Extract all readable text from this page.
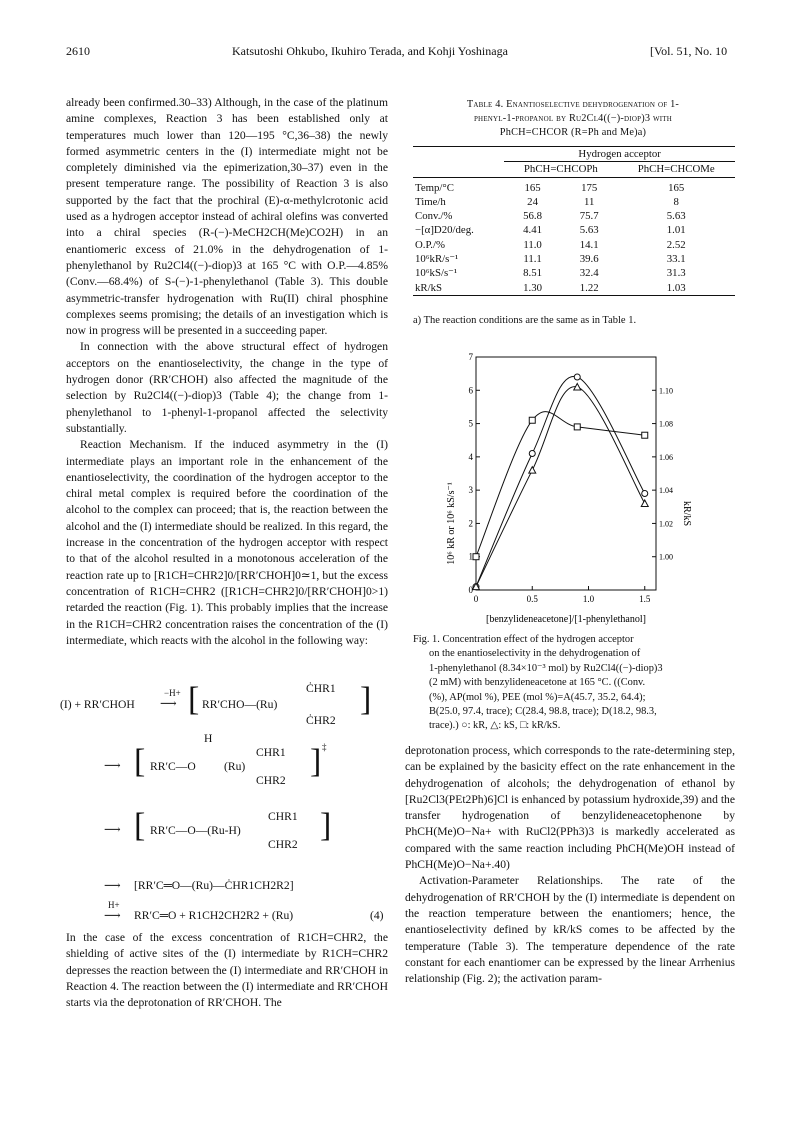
2610	Katsutoshi Ohkubo, Ikuhiro Terada, and Kohji Yoshinaga	[Vol. 51, No. 10

already been confirmed.30–33) Although, in the case of the platinum amine complexes, Reaction 3 has been established only at temperatures much lower than 120—195 °C,36–38) the newly formed asymmetric centers in the (I) intermediate might not be completely diminished via the epimerization,30–37) even in the present temperature range. The possibility of Reaction 3 is also supported by the fact that the prochiral (E)-α-methylcrotonic acid used as a hydrogen acceptor instead of achiral olefins was converted into a chiral species (R-(−)-MeCH2CH(Me)CO2H) in an enantiomeric excess of 21.0% in the dehydrogenation of 1-phenylethanol by Ru2Cl4((−)-diop)3 at 165 °C with O.P.—4.85%(Conv.—68.4%) of S-(−)-1-phenylethanol (Table 3). This double asymmetric-transfer hydrogenation with Ru(II) chiral phosphine complexes seems promising; the details of an investigation which is now in progress will be presented in a succeeding paper.

In connection with the above structural effect of hydrogen acceptors on the enantioselectivity, the change in the type of hydrogen donor (RR′CHOH) also affected the magnitude of the selection by Ru2Cl4((−)-diop)3 (Table 4); the change from 1-phenylethanol to 1-phenyl-1-propanol affected the selectivity substantially.

Reaction Mechanism. If the induced asymmetry in the (I) intermediate plays an important role in the enhancement of the enantioselectivity, the coordination of the hydrogen acceptor to the chiral metal complex is required before the coordination of the alcohol to the complex can proceed; that is, the reaction between the alcohol and the (I) intermediate should be realized. In this regard, the increase in the concentration of the hydrogen acceptor with respect to that of the alcohol resulted in a monotonous acceleration of the reaction rate up to [R1CH=CHR2]0/[RR′CHOH]0≃1, but the excess concentration of R1CH=CHR2 ([R1CH=CHR2]0/[RR′CHOH]0>1) retarded the reaction (Fig. 1). This probably implies that the increase in the R1CH=CHR2 concentration raises the concentration of the (I) intermediate, which reacts with the alcohol in the following way:

(I) + RR′CHOH
−H+
⟶ [ RR′CHO—(Ru)
ĊHR1
ĊHR2
]
⟶ [
H
RR′C—O (Ru)
CHR1
CHR2
] ‡
⟶ [ RR′C—O—(Ru-H)
CHR1
CHR2
]
⟶ [RR′C═O—(Ru)—ĊHR1CH2R2]
H+
⟶ RR′C═O + R1CH2CH2R2 + (Ru)	(4)

In the case of the excess concentration of R1CH=CHR2, the shielding of active sites of the (I) intermediate by R1CH=CHR2 depresses the reaction between the (I) intermediate and RR′CHOH in Reaction 4. The reaction between the (I) intermediate and RR′CHOH starts via the deprotonation of RR′CHOH. The

Table 4. Enantioselective dehydrogenation of 1-
phenyl-1-propanol by Ru2Cl4((−)-diop)3 with
PhCH=CHCOR (R=Ph and Me)a)
	Hydrogen acceptor		
	PhCH=CHCOPh		PhCH=CHCOMe

Temp/°C	165	175	165
Time/h	24	11	8
Conv./%	56.8	75.7	5.63
−[α]D20/deg.	4.41	5.63	1.01
O.P./%	11.0	14.1	2.52
10⁶kR/s⁻¹	11.1	39.6	33.1
10⁶kS/s⁻¹	8.51	32.4	31.3
kR/kS	1.30	1.22	1.03
a) The reaction conditions are the same as in Table 1.
0	0.5	1.0	1.5
0
1
2
3
4
5
6
7
1.00
1.02
1.04
1.06
1.08
1.10
[benzylideneacetone]/[1-phenylethanol]
10⁶ kR or 10⁶ kS/s⁻¹	kR/kS
Fig. 1. Concentration effect of the hydrogen acceptor
on the enantioselectivity in the dehydrogenation of
1-phenylethanol (8.34×10⁻³ mol) by Ru2Cl4((−)-diop)3
(2 mM) with benzylideneacetone at 165 °C. ((Conv.
(%), AP(mol %), PEE (mol %)=A(45.7, 35.2, 64.4);
B(25.0, 97.4, trace); C(28.4, 98.8, trace); D(18.2, 98.3,
trace).) ○: kR, △: kS, □: kR/kS.

deprotonation process, which corresponds to the rate-determining step, can be explained by the basicity effect on the rate enhancement in the dehydrogenation of alcohols; the dehydrogenation of ethanol by [Ru2Cl3(PEt2Ph)6]Cl is enhanced by potassium hydroxide,39) and the transfer hydrogenation of benzylideneacetophenone by PhCH(Me)O−Na+ with RuCl2(PPh3)3 is markedly accelerated as compared with the same reaction including PhCH(Me)OH instead of PhCH(Me)O−Na+.40)

Activation-Parameter Relationships. The rate of the dehydrogenation of RR′CHOH by the (I) intermediate is dependent on the reaction temperature between the enantiomers; hence, the enantioselectivity defined by kR/kS comes to be affected by the temperature (Table 3). The temperature dependence of the rate constant for each enantiomer can be expressed by the linear Arrhenius relationship (Fig. 2); the activation param-
